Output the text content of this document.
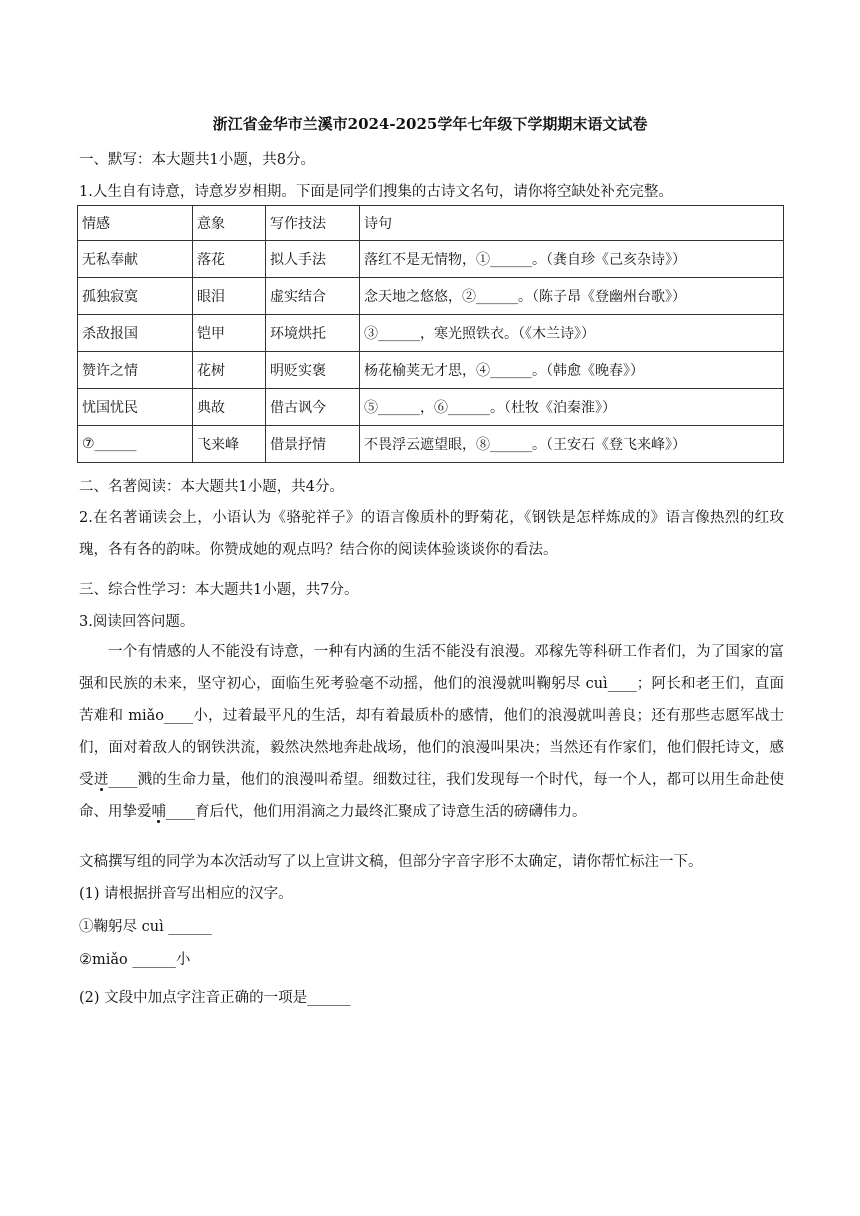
浙江省金华市兰溪市2024-2025学年七年级下学期期末语文试卷
一、默写：本大题共1小题，共8分。
1.人生自有诗意，诗意岁岁相期。下面是同学们搜集的古诗文名句，请你将空缺处补充完整。
情感	意象	写作技法	诗句
无私奉献	落花	拟人手法	落红不是无情物，①______。（龚自珍《己亥杂诗》）
孤独寂寞	眼泪	虚实结合	念天地之悠悠，②______。（陈子昂《登幽州台歌》）
杀敌报国	铠甲	环境烘托	③______，寒光照铁衣。（《木兰诗》）
赞许之情	花树	明贬实褒	杨花榆荚无才思，④______。（韩愈《晚春》）
忧国忧民	典故	借古讽今	⑤______，⑥______。（杜牧《泊秦淮》）
⑦______	飞来峰	借景抒情	不畏浮云遮望眼，⑧______。（王安石《登飞来峰》）
二、名著阅读：本大题共1小题，共4分。
2.在名著诵读会上，小语认为《骆驼祥子》的语言像质朴的野菊花，《钢铁是怎样炼成的》语言像热烈的红玫瑰，各有各的韵味。你赞成她的观点吗？结合你的阅读体验谈谈你的看法。
三、综合性学习：本大题共1小题，共7分。
3.阅读回答问题。
一个有情感的人不能没有诗意，一种有内涵的生活不能没有浪漫。邓稼先等科研工作者们，为了国家的富强和民族的未来，坚守初心，面临生死考验毫不动摇，他们的浪漫就叫鞠躬尽 cuì____；阿长和老王们，直面苦难和 miǎo____小，过着最平凡的生活，却有着最质朴的感情，他们的浪漫就叫善良；还有那些志愿军战士们，面对着敌人的钢铁洪流，毅然决然地奔赴战场，他们的浪漫叫果决；当然还有作家们，他们假托诗文，感受迸____溅的生命力量，他们的浪漫叫希望。细数过往，我们发现每一个时代，每一个人，都可以用生命赴使命、用挚爱哺____育后代，他们用涓滴之力最终汇聚成了诗意生活的磅礴伟力。
文稿撰写组的同学为本次活动写了以上宣讲文稿，但部分字音字形不太确定，请你帮忙标注一下。
(1) 请根据拼音写出相应的汉字。
①鞠躬尽 cuì ______
②miǎo ______小
(2) 文段中加点字注音正确的一项是______
